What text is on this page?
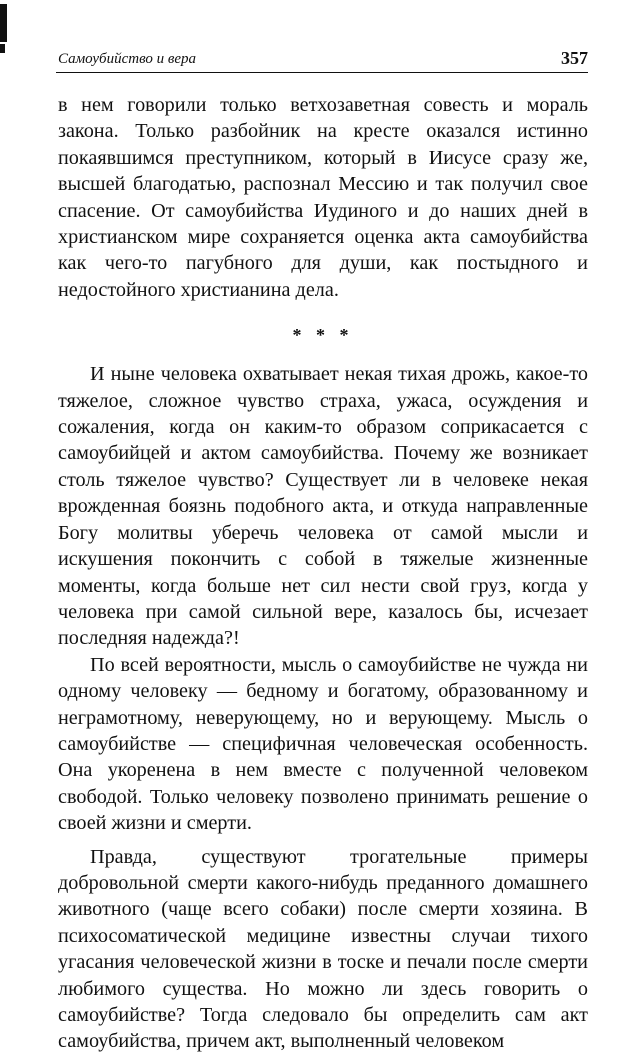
Самоубийство и вера	357

в нем говорили только ветхозаветная совесть и мораль закона. Только разбойник на кресте оказался истинно покаявшимся преступником, который в Иисусе сразу же, высшей благодатью, распознал Мессию и так получил свое спасение. От самоубийства Иудиного и до наших дней в христианском мире сохраняется оценка акта самоубийства как чего-то пагубного для души, как постыдного и недостойного христианина дела.

* * *

И ныне человека охватывает некая тихая дрожь, какое-то тяжелое, сложное чувство страха, ужаса, осуждения и сожаления, когда он каким-то образом соприкасается с самоубийцей и актом самоубийства. Почему же возникает столь тяжелое чувство? Существует ли в человеке некая врожденная боязнь подобного акта, и откуда направленные Богу молитвы уберечь человека от самой мысли и искушения покончить с собой в тяжелые жизненные моменты, когда больше нет сил нести свой груз, когда у человека при самой сильной вере, казалось бы, исчезает последняя надежда?!

По всей вероятности, мысль о самоубийстве не чужда ни одному человеку — бедному и богатому, образованному и неграмотному, неверующему, но и верующему. Мысль о самоубийстве — специфичная человеческая особенность. Она укоренена в нем вместе с полученной человеком свободой. Только человеку позволено принимать решение о своей жизни и смерти.

Правда, существуют трогательные примеры добровольной смерти какого-нибудь преданного домашнего животного (чаще всего собаки) после смерти хозяина. В психосоматической медицине известны случаи тихого угасания человеческой жизни в тоске и печали после смерти любимого существа. Но можно ли здесь говорить о самоубийстве? Тогда следовало бы определить сам акт самоубийства, причем акт, выполненный человеком
